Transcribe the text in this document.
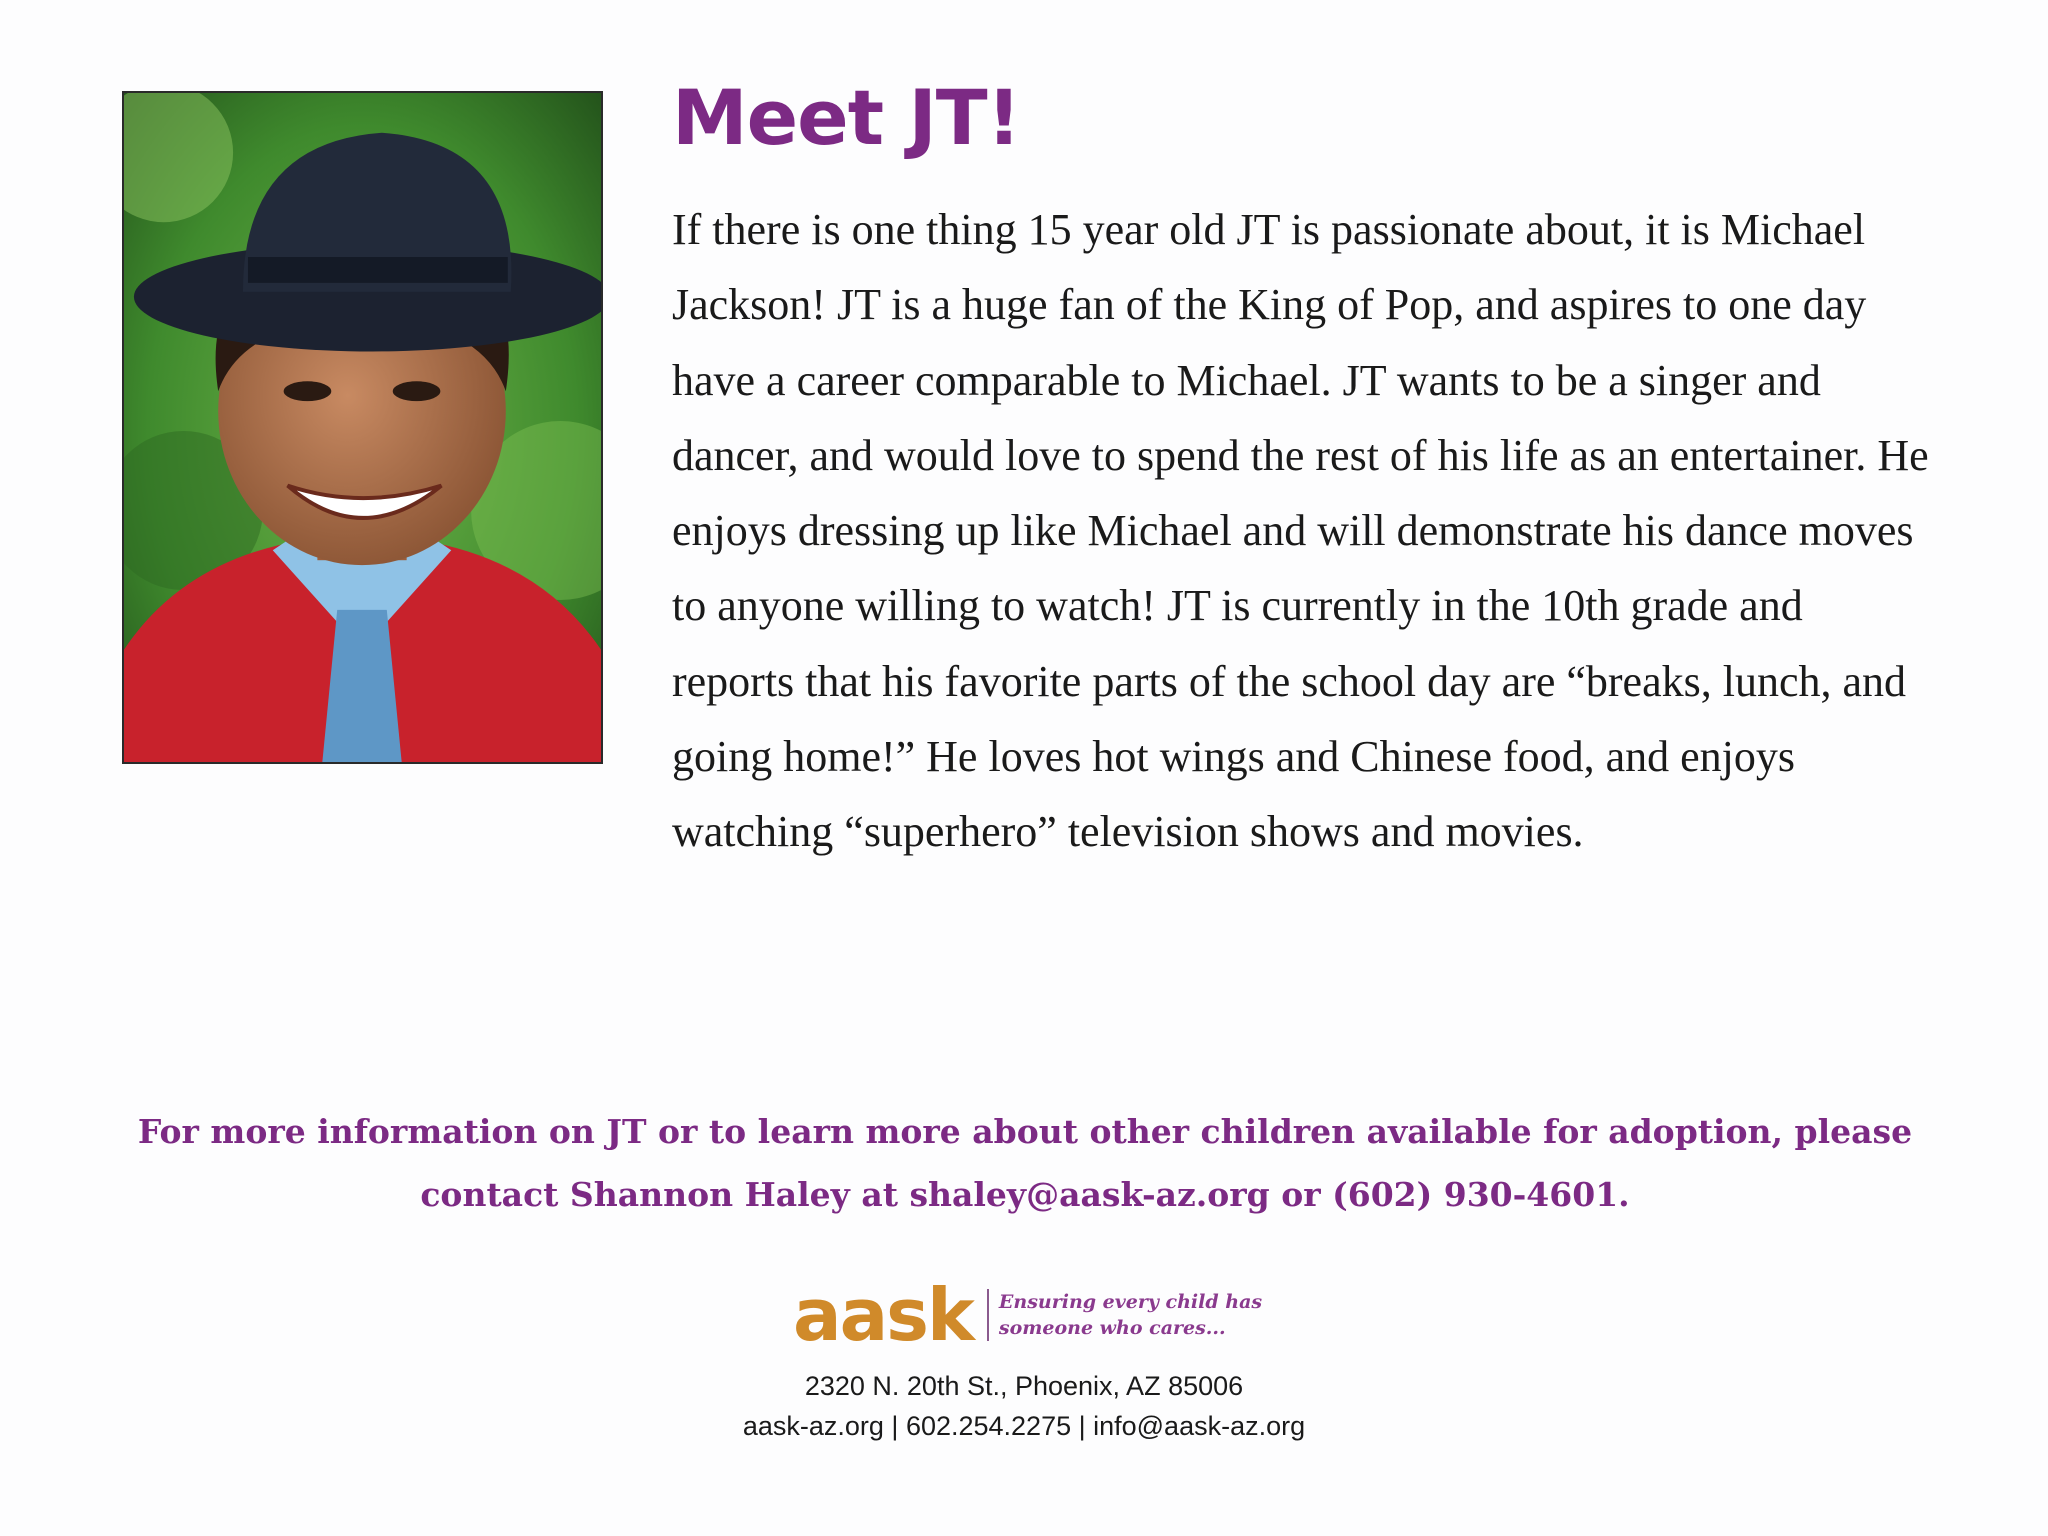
Meet JT!

If there is one thing 15 year old JT is passionate about, it is Michael Jackson! JT is a huge fan of the King of Pop, and aspires to one day have a career comparable to Michael. JT wants to be a singer and dancer, and would love to spend the rest of his life as an entertainer. He enjoys dressing up like Michael and will demonstrate his dance moves to anyone willing to watch! JT is currently in the 10th grade and reports that his favorite parts of the school day are “breaks, lunch, and going home!” He loves hot wings and Chinese food, and enjoys watching “superhero” television shows and movies.

For more information on JT or to learn more about other children available for adoption, please
contact Shannon Haley at shaley@aask-az.org or (602) 930-4601.

aask Ensuring every child has
someone who cares...
2320 N. 20th St., Phoenix, AZ 85006
aask-az.org | 602.254.2275 | info@aask-az.org
